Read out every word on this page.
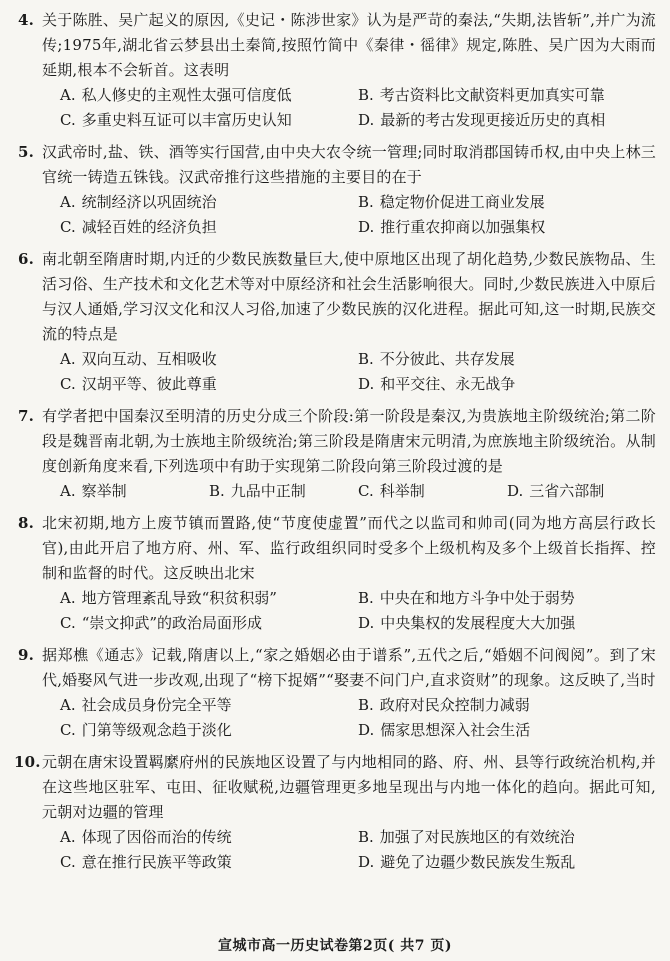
4. 关于陈胜、吴广起义的原因,《史记・陈涉世家》认为是严苛的秦法,“失期,法皆斩”,并广为流传;1975年,湖北省云梦县出土秦简,按照竹简中《秦律・徭律》规定,陈胜、吴广因为大雨而延期,根本不会斩首。这表明
A. 私人修史的主观性太强可信度低	B. 考古资料比文献资料更加真实可靠
C. 多重史料互证可以丰富历史认知	D. 最新的考古发现更接近历史的真相
5. 汉武帝时,盐、铁、酒等实行国营,由中央大农令统一管理;同时取消郡国铸币权,由中央上林三官统一铸造五铢钱。汉武帝推行这些措施的主要目的在于
A. 统制经济以巩固统治	B. 稳定物价促进工商业发展
C. 减轻百姓的经济负担	D. 推行重农抑商以加强集权
6. 南北朝至隋唐时期,内迁的少数民族数量巨大,使中原地区出现了胡化趋势,少数民族物品、生活习俗、生产技术和文化艺术等对中原经济和社会生活影响很大。同时,少数民族进入中原后与汉人通婚,学习汉文化和汉人习俗,加速了少数民族的汉化进程。据此可知,这一时期,民族交流的特点是
A. 双向互动、互相吸收	B. 不分彼此、共存发展
C. 汉胡平等、彼此尊重	D. 和平交往、永无战争
7. 有学者把中国秦汉至明清的历史分成三个阶段:第一阶段是秦汉,为贵族地主阶级统治;第二阶段是魏晋南北朝,为士族地主阶级统治;第三阶段是隋唐宋元明清,为庶族地主阶级统治。从制度创新角度来看,下列选项中有助于实现第二阶段向第三阶段过渡的是
A. 察举制	B. 九品中正制	C. 科举制	D. 三省六部制
8. 北宋初期,地方上废节镇而置路,使“节度使虚置”而代之以监司和帅司(同为地方高层行政长官),由此开启了地方府、州、军、监行政组织同时受多个上级机构及多个上级首长指挥、控制和监督的时代。这反映出北宋
A. 地方管理紊乱导致“积贫积弱”	B. 中央在和地方斗争中处于弱势
C. “崇文抑武”的政治局面形成	D. 中央集权的发展程度大大加强
9. 据郑樵《通志》记载,隋唐以上,“家之婚姻必由于谱系”,五代之后,“婚姻不问阀阅”。到了宋代,婚娶风气进一步改观,出现了“榜下捉婿”“娶妻不问门户,直求资财”的现象。这反映了,当时
A. 社会成员身份完全平等	B. 政府对民众控制力减弱
C. 门第等级观念趋于淡化	D. 儒家思想深入社会生活
10. 元朝在唐宋设置羁縻府州的民族地区设置了与内地相同的路、府、州、县等行政统治机构,并在这些地区驻军、屯田、征收赋税,边疆管理更多地呈现出与内地一体化的趋向。据此可知,元朝对边疆的管理
A. 体现了因俗而治的传统	B. 加强了对民族地区的有效统治
C. 意在推行民族平等政策	D. 避免了边疆少数民族发生叛乱
宣城市高一历史试卷第2页( 共7 页)
